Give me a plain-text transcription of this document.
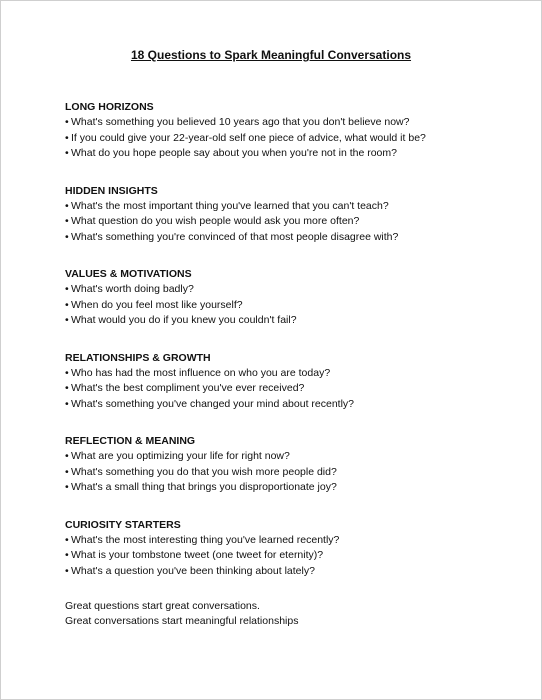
18 Questions to Spark Meaningful Conversations

LONG HORIZONS

• What's something you believed 10 years ago that you don't believe now?

• If you could give your 22-year-old self one piece of advice, what would it be?

• What do you hope people say about you when you're not in the room?

HIDDEN INSIGHTS

• What's the most important thing you've learned that you can't teach?

• What question do you wish people would ask you more often?

• What's something you're convinced of that most people disagree with?

VALUES & MOTIVATIONS

• What's worth doing badly?

• When do you feel most like yourself?

• What would you do if you knew you couldn't fail?

RELATIONSHIPS & GROWTH

• Who has had the most influence on who you are today?

• What's the best compliment you've ever received?

• What's something you've changed your mind about recently?

REFLECTION & MEANING

• What are you optimizing your life for right now?

• What's something you do that you wish more people did?

• What's a small thing that brings you disproportionate joy?

CURIOSITY STARTERS

• What's the most interesting thing you've learned recently?

• What is your tombstone tweet (one tweet for eternity)?

• What's a question you've been thinking about lately?

Great questions start great conversations.

Great conversations start meaningful relationships
